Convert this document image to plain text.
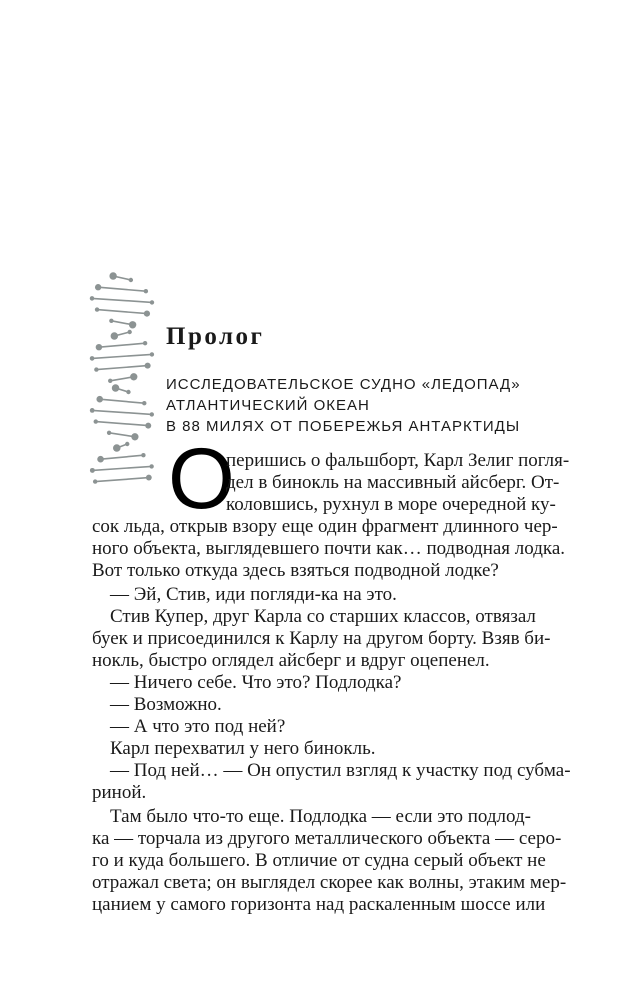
Пролог
ИССЛЕДОВАТЕЛЬСКОЕ СУДНО «ЛЕДОПАД»
АТЛАНТИЧЕСКИЙ ОКЕАН
В 88 МИЛЯХ ОТ ПОБЕРЕЖЬЯ АНТАРКТИДЫ
О
перишись о фальшборт, Карл Зелиг погля-
дел в бинокль на массивный айсберг. От-
коловшись, рухнул в море очередной ку-
сок льда, открыв взору еще один фрагмент длинного чер-
ного объекта, выглядевшего почти как… подводная лодка.
Вот только откуда здесь взяться подводной лодке?
— Эй, Стив, иди погляди-ка на это.
Стив Купер, друг Карла со старших классов, отвязал
буек и присоединился к Карлу на другом борту. Взяв би-
нокль, быстро оглядел айсберг и вдруг оцепенел.
— Ничего себе. Что это? Подлодка?
— Возможно.
— А что это под ней?
Карл перехватил у него бинокль.
— Под ней… — Он опустил взгляд к участку под субма-
риной.
Там было что-то еще. Подлодка — если это подлод-
ка — торчала из другого металлического объекта — серо-
го и куда большего. В отличие от судна серый объект не
отражал света; он выглядел скорее как волны, этаким мер-
цанием у самого горизонта над раскаленным шоссе или
